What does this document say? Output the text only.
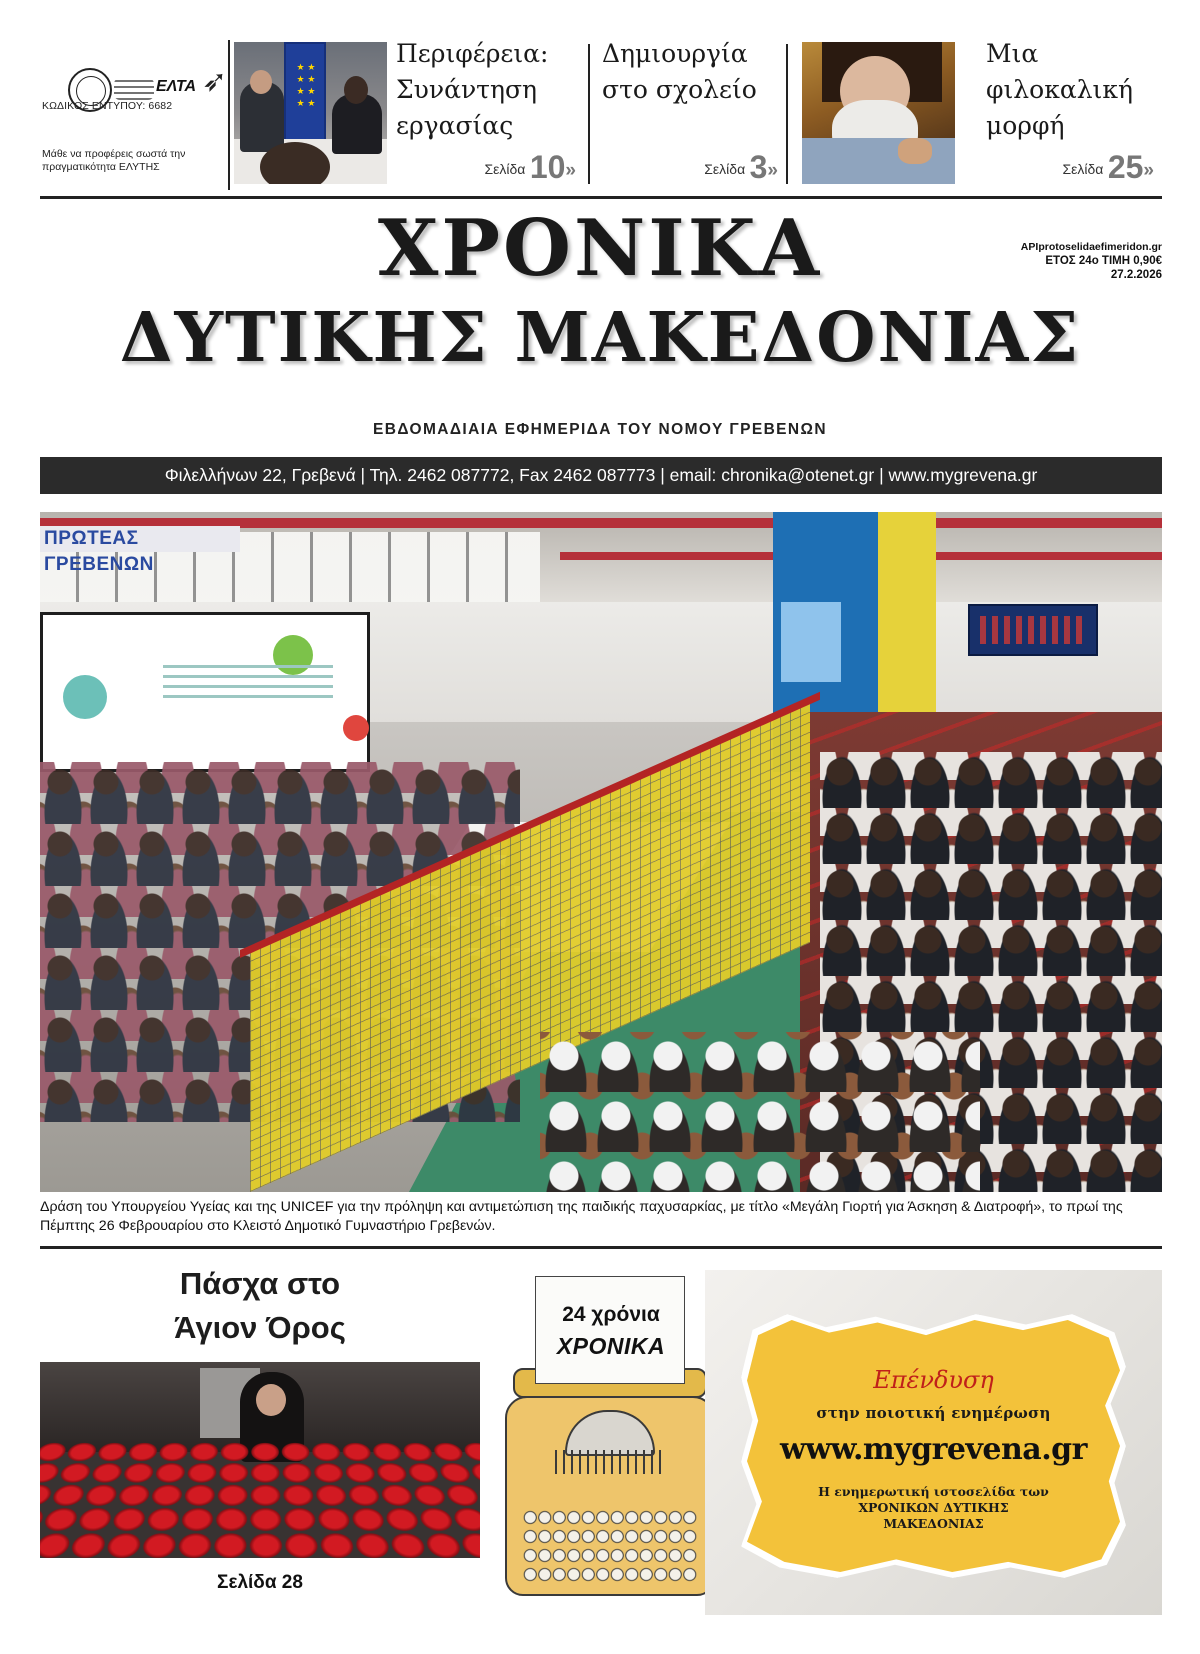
ΕΛΤΑ ➶
ΚΩΔΙΚΟΣ ΕΝΤΥΠΟΥ: 6682
Μάθε να προφέρεις σωστά την πραγματικότητα ΕΛΥΤΗΣ
★ ★
★ ★
★ ★
★ ★
Περιφέρεια: Συνάντηση εργασίας
Σελίδα 10»
Δημιουργία στο σχολείο
Σελίδα 3»
Μια φιλοκαλική μορφή
Σελίδα 25»
ΧΡΟΝΙΚΑ
ΔΥΤΙΚΗΣ ΜΑΚΕΔΟΝΙΑΣ
ΑΡΙprotoselidaefimeridon.gr
ΕΤΟΣ 24ο ΤΙΜΗ 0,90€
27.2.2026
ΕΒΔΟΜΑΔΙΑΙΑ ΕΦΗΜΕΡΙΔΑ ΤΟΥ ΝΟΜΟΥ ΓΡΕΒΕΝΩΝ
Φιλελλήνων 22, Γρεβενά | Τηλ. 2462 087772, Fax 2462 087773 | email: chronika@otenet.gr | www.mygrevena.gr
ΠΡΩΤΕΑΣ ΓΡΕΒΕΝΩΝ
Δράση του Υπουργείου Υγείας και της UNICEF για την πρόληψη και αντιμετώπιση της παιδικής παχυσαρκίας, με τίτλο «Μεγάλη Γιορτή για Άσκηση & Διατροφή», το πρωί της Πέμπτης 26 Φεβρουαρίου στο Κλειστό Δημοτικό Γυμναστήριο Γρεβενών.
Πάσχα στο
Άγιον Όρος
Σελίδα 28
24 χρόνια
ΧΡΟΝΙΚΑ
Επένδυση
στην ποιοτική ενημέρωση
www.mygrevena.gr
Η ενημερωτική ιστοσελίδα των
ΧΡΟΝΙΚΩΝ ΔΥΤΙΚΗΣ
ΜΑΚΕΔΟΝΙΑΣ
